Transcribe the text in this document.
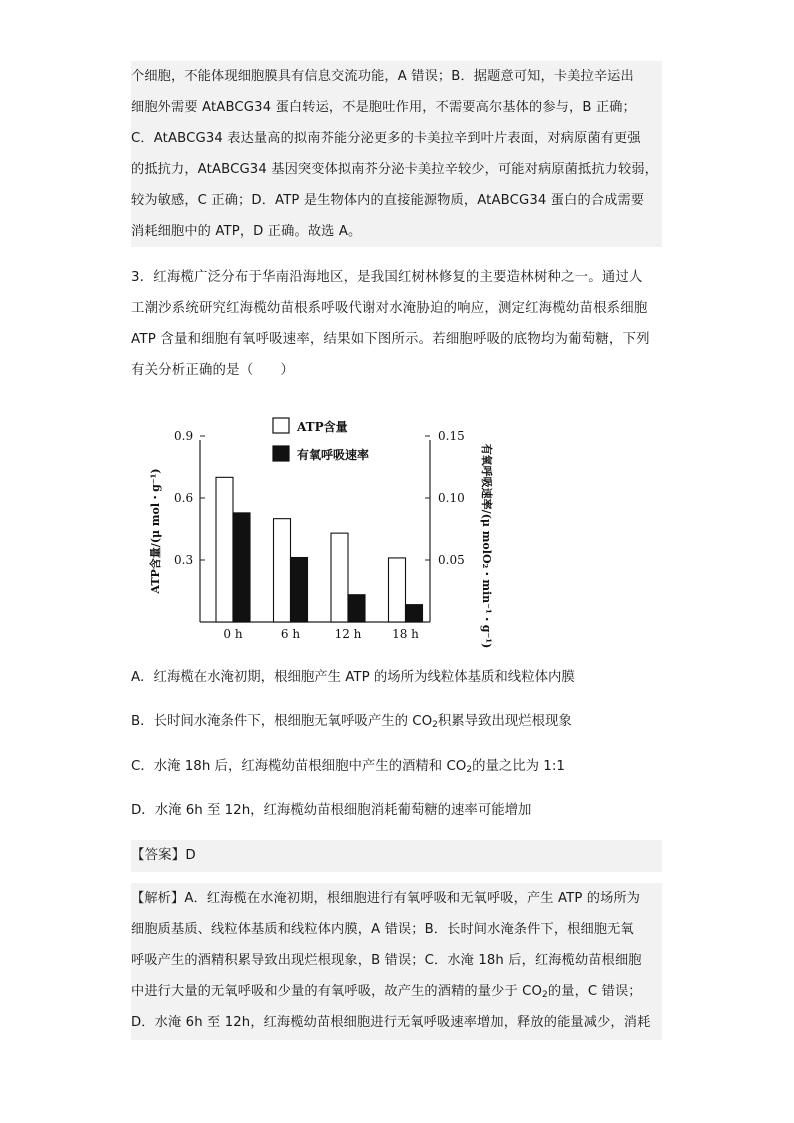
个细胞，不能体现细胞膜具有信息交流功能，A 错误；B．据题意可知，卡美拉辛运出
细胞外需要 AtABCG34 蛋白转运，不是胞吐作用，不需要高尔基体的参与，B 正确；
C．AtABCG34 表达量高的拟南芥能分泌更多的卡美拉辛到叶片表面，对病原菌有更强
的抵抗力，AtABCG34 基因突变体拟南芥分泌卡美拉辛较少，可能对病原菌抵抗力较弱，
较为敏感，C 正确；D．ATP 是生物体内的直接能源物质，AtABCG34 蛋白的合成需要
消耗细胞中的 ATP，D 正确。故选 A。
3．红海榄广泛分布于华南沿海地区，是我国红树林修复的主要造林树种之一。通过人
工潮沙系统研究红海榄幼苗根系呼吸代谢对水淹胁迫的响应，测定红海榄幼苗根系细胞
ATP 含量和细胞有氧呼吸速率，结果如下图所示。若细胞呼吸的底物均为葡萄糖，下列
有关分析正确的是（　　）
0.3
0.6
0.9
0.05
0.10
0.15
0 h	6 h	12 h	18 h
ATP含量
有氧呼吸速率
ATP含量/(μ mol・g⁻¹)	有氧呼吸速率/(μ molO₂・min⁻¹・g⁻¹)
A．红海榄在水淹初期，根细胞产生 ATP 的场所为线粒体基质和线粒体内膜
B．长时间水淹条件下，根细胞无氧呼吸产生的 $CO_2$积累导致出现烂根现象
C．水淹 18h 后，红海榄幼苗根细胞中产生的酒精和 $CO_2$的量之比为 1:1
D．水淹 6h 至 12h，红海榄幼苗根细胞消耗葡萄糖的速率可能增加
【答案】D
【解析】A．红海榄在水淹初期，根细胞进行有氧呼吸和无氧呼吸，产生 ATP 的场所为
细胞质基质、线粒体基质和线粒体内膜，A 错误；B．长时间水淹条件下，根细胞无氧
呼吸产生的酒精积累导致出现烂根现象，B 错误；C．水淹 18h 后，红海榄幼苗根细胞
中进行大量的无氧呼吸和少量的有氧呼吸，故产生的酒精的量少于 $CO_2$的量，C 错误；
D．水淹 6h 至 12h，红海榄幼苗根细胞进行无氧呼吸速率增加，释放的能量减少，消耗
